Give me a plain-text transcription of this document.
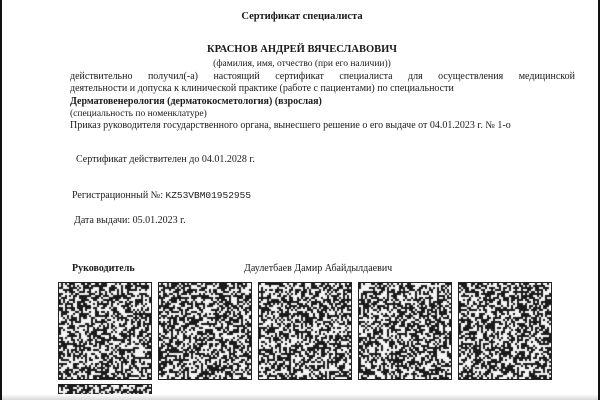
Сертификат специалиста
КРАСНОВ АНДРЕЙ ВЯЧЕСЛАВОВИЧ
(фамилия, имя, отчество (при его наличии))
действительно получил(-а) настоящий сертификат специалиста для осуществления медицинской
деятельности и допуска к клинической практике (работе с пациентами) по специальности
Дерматовенерология (дерматокосметология) (взрослая)
(специальность по номенклатуре)
Приказ руководителя государственного органа, вынесшего решение о его выдаче от 04.01.2023 г. № 1-о
Сертификат действителен до 04.01.2028 г.
Регистрационный №: KZ53VBM01952955
Дата выдачи: 05.01.2023 г.
Руководитель	Даулетбаев Дамир Абайдылдаевич
